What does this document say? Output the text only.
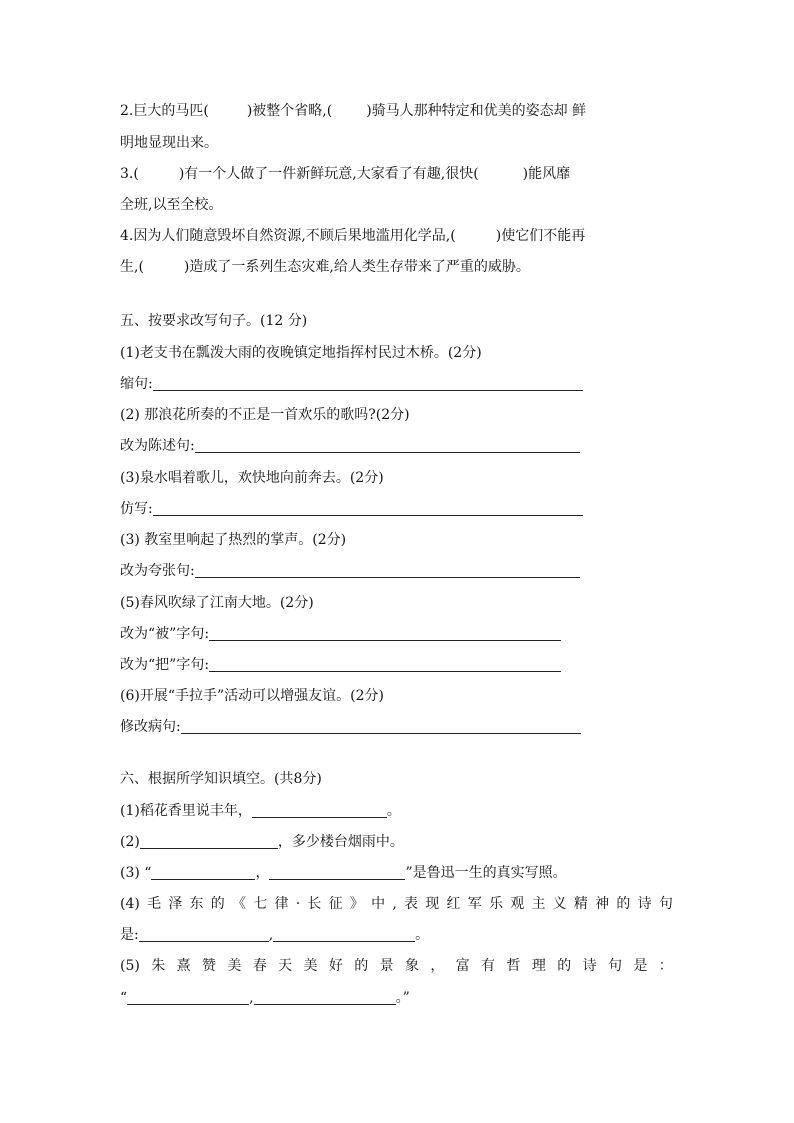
2.巨大的马匹(	)被整个省略,( )骑马人那种特定和优美的姿态却 鲜
明地显现出来。
3.(	)有一个人做了一件新鲜玩意,大家看了有趣,很快(	)能风靡
全班,以至全校。
4.因为人们随意毁坏自然资源,不顾后果地滥用化学品,(	)使它们不能再
生,(	)造成了一系列生态灾难,给人类生存带来了严重的威胁。
五、按要求改写句子。(12 分)
(1)老支书在瓢泼大雨的夜晚镇定地指挥村民过木桥。(2分)
缩句:
(2) 那浪花所奏的不正是一首欢乐的歌吗?(2分)
改为陈述句:
(3)泉水唱着歌儿，欢快地向前奔去。(2分)
仿写:
(3) 教室里响起了热烈的掌声。(2分)
改为夸张句:
(5)春风吹绿了江南大地。(2分)
改为“被”字句:
改为“把”字句:
(6)开展“手拉手”活动可以增强友谊。(2分)
修改病句:
六、根据所学知识填空。(共8分)
(1)稻花香里说丰年，	。
(2)	，多少楼台烟雨中。
(3) “	，	”是鲁迅一生的真实写照。
(4) 毛 泽 东 的 《 七 律 · 长 征 》 中 , 表 现 红 军 乐 观 主 义 精 神 的 诗 句
是:	,	。
(5) 朱 熹 赞 美 春 天 美 好 的 景 象 ， 富 有 哲 理 的 诗 句 是 ：
“	,	。”
